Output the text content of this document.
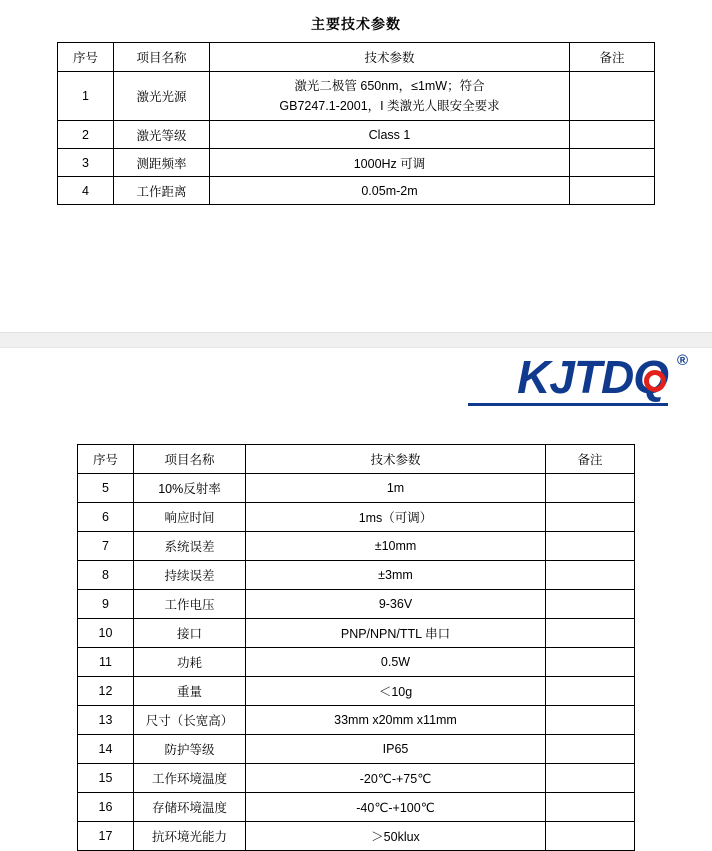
主要技术参数
序号	项目名称	技术参数	备注
1	激光光源	激光二极管 650nm，≤1mW；符合
GB7247.1-2001，I 类激光人眼安全要求	

2	激光等级	Class 1	
3	测距频率	1000Hz 可调	
4	工作距离	0.05m-2m	
KJTDQ ®
序号	项目名称	技术参数	备注
5	10%反射率	1m	
6	响应时间	1ms（可调）	
7	系统误差	±10mm	
8	持续误差	±3mm	
9	工作电压	9-36V	
10	接口	PNP/NPN/TTL 串口	
11	功耗	0.5W	
12	重量	＜10g	
13	尺寸（长宽高）	33mm x20mm x11mm	
14	防护等级	IP65	
15	工作环境温度	-20℃-+75℃	
16	存储环境温度	-40℃-+100℃	
17	抗环境光能力	＞50klux	
